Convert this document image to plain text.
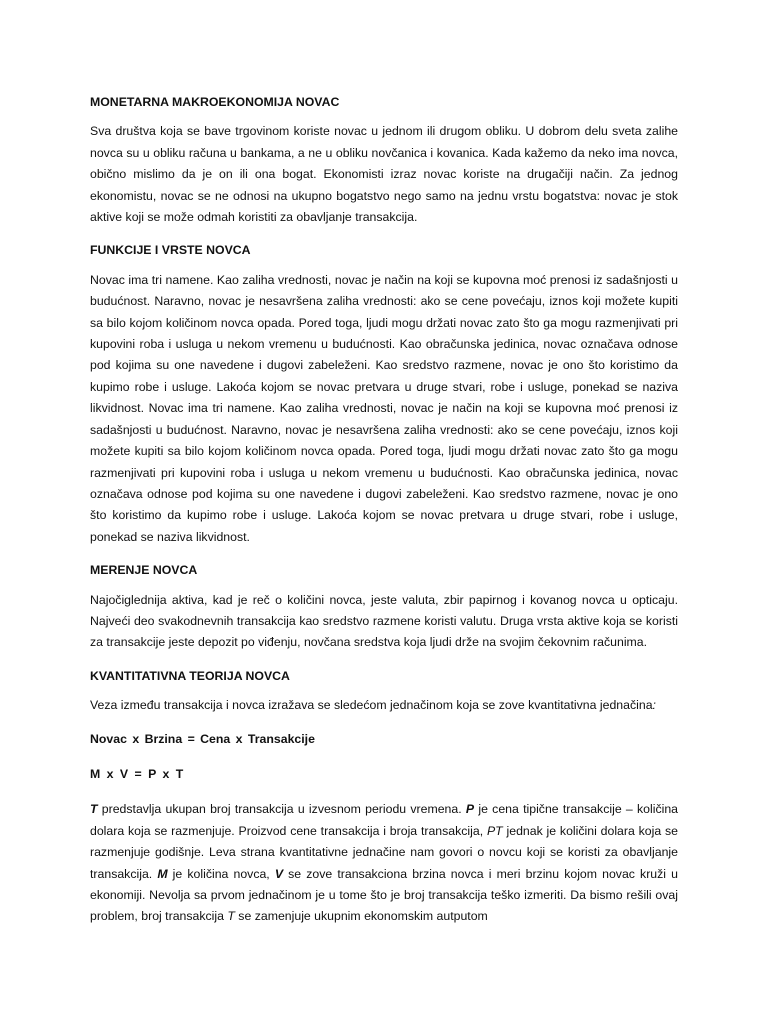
MONETARNA MAKROEKONOMIJA NOVAC

Sva društva koja se bave trgovinom koriste novac u jednom ili drugom obliku. U dobrom delu sveta zalihe novca su u obliku računa u bankama, a ne u obliku novčanica i kovanica. Kada kažemo da neko ima novca, obično mislimo da je on ili ona bogat. Ekonomisti izraz novac koriste na drugačiji način. Za jednog ekonomistu, novac se ne odnosi na ukupno bogatstvo nego samo na jednu vrstu bogatstva: novac je stok aktive koji se može odmah koristiti za obavljanje transakcija.

FUNKCIJE I VRSTE NOVCA

Novac ima tri namene. Kao zaliha vrednosti, novac je način na koji se kupovna moć prenosi iz sadašnjosti u budućnost. Naravno, novac je nesavršena zaliha vrednosti: ako se cene povećaju, iznos koji možete kupiti sa bilo kojom količinom novca opada. Pored toga, ljudi mogu držati novac zato što ga mogu razmenjivati pri kupovini roba i usluga u nekom vremenu u budućnosti. Kao obračunska jedinica, novac označava odnose pod kojima su one navedene i dugovi zabeleženi. Kao sredstvo razmene, novac je ono što koristimo da kupimo robe i usluge. Lakoća kojom se novac pretvara u druge stvari, robe i usluge, ponekad se naziva likvidnost. Novac ima tri namene. Kao zaliha vrednosti, novac je način na koji se kupovna moć prenosi iz sadašnjosti u budućnost. Naravno, novac je nesavršena zaliha vrednosti: ako se cene povećaju, iznos koji možete kupiti sa bilo kojom količinom novca opada. Pored toga, ljudi mogu držati novac zato što ga mogu razmenjivati pri kupovini roba i usluga u nekom vremenu u budućnosti. Kao obračunska jedinica, novac označava odnose pod kojima su one navedene i dugovi zabeleženi. Kao sredstvo razmene, novac je ono što koristimo da kupimo robe i usluge. Lakoća kojom se novac pretvara u druge stvari, robe i usluge, ponekad se naziva likvidnost.

MERENJE NOVCA

Najočiglednija aktiva, kad je reč o količini novca, jeste valuta, zbir papirnog i kovanog novca u opticaju. Najveći deo svakodnevnih transakcija kao sredstvo razmene koristi valutu. Druga vrsta aktive koja se koristi za transakcije jeste depozit po viđenju, novčana sredstva koja ljudi drže na svojim čekovnim računima.

KVANTITATIVNA TEORIJA NOVCA

Veza između transakcija i novca izražava se sledećom jednačinom koja se zove kvantitativna jednačina:

Novac x Brzina = Cena x Transakcije

M x V = P x T

T predstavlja ukupan broj transakcija u izvesnom periodu vremena. P je cena tipične transakcije – količina dolara koja se razmenjuje. Proizvod cene transakcija i broja transakcija, PT jednak je količini dolara koja se razmenjuje godišnje. Leva strana kvantitativne jednačine nam govori o novcu koji se koristi za obavljanje transakcija. M je količina novca, V se zove transakciona brzina novca i meri brzinu kojom novac kruži u ekonomiji. Nevolja sa prvom jednačinom je u tome što je broj transakcija teško izmeriti. Da bismo rešili ovaj problem, broj transakcija T se zamenjuje ukupnim ekonomskim autputom
